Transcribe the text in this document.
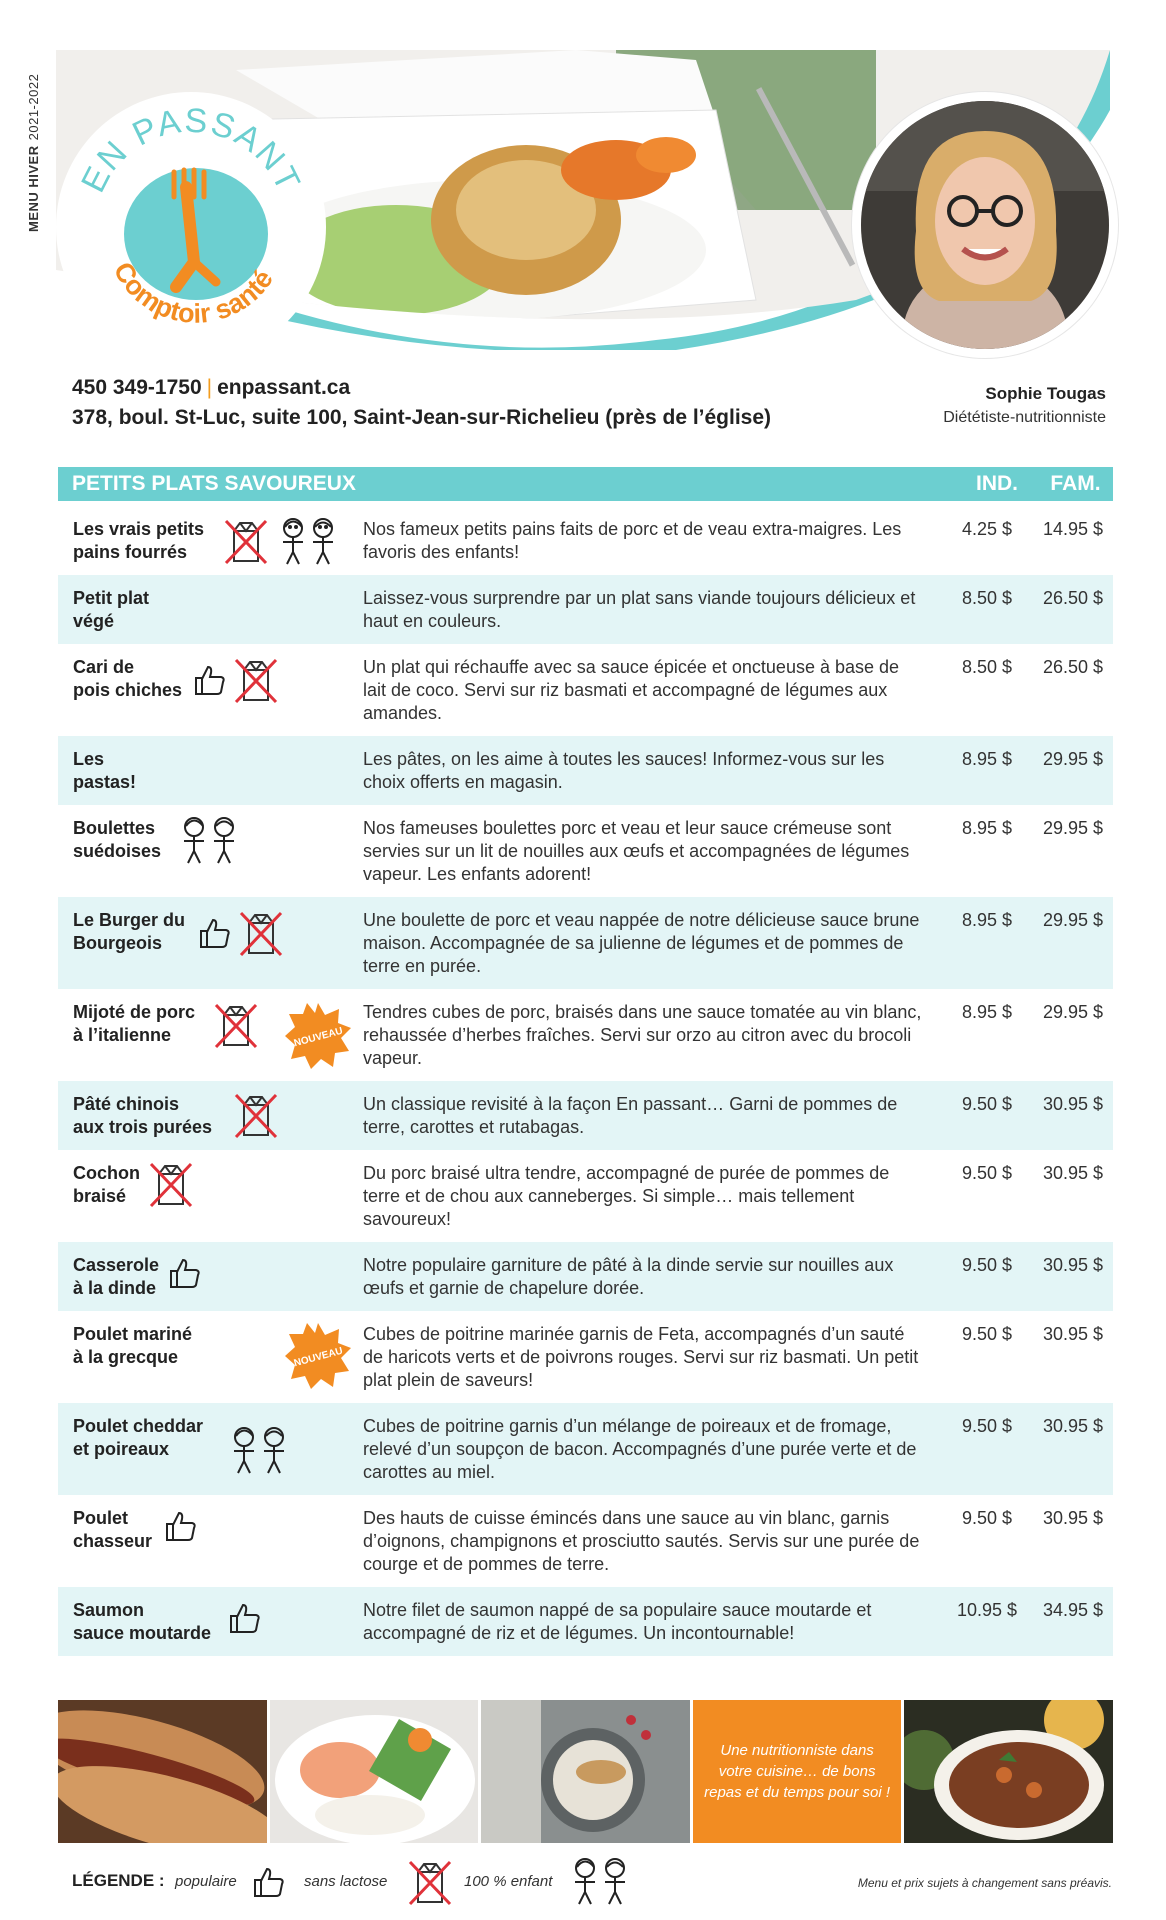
MENU HIVER2021-2022
EN PASSANT
Comptoir santé
450 349-1750 | enpassant.ca
378, boul. St-Luc, suite 100, Saint-Jean-sur-Richelieu (près de l’église)
Sophie Tougas
Diététiste-nutritionniste
PETITS PLATS SAVOUREUX	IND.	FAM.
Les vrais petits
pains fourrés
Nos fameux petits pains faits de porc et de veau extra-maigres. Les favoris des enfants!
4.25 $	14.95 $
Petit plat
végé
Laissez-vous surprendre par un plat sans viande toujours délicieux et haut en couleurs.
8.50 $	26.50 $
Cari de
pois chiches
Un plat qui réchauffe avec sa sauce épicée et onctueuse à base de lait de coco. Servi sur riz basmati et accompagné de légumes aux amandes.
8.50 $	26.50 $
Les
pastas!
Les pâtes, on les aime à toutes les sauces! Informez-vous sur les choix offerts en magasin.
8.95 $	29.95 $
Boulettes
suédoises
Nos fameuses boulettes porc et veau et leur sauce crémeuse sont servies sur un lit de nouilles aux œufs et accompagnées de légumes vapeur. Les enfants adorent!
8.95 $	29.95 $
Le Burger du
Bourgeois
Une boulette de porc et veau nappée de notre délicieuse sauce brune maison. Accompagnée de sa julienne de légumes et de pommes de terre en purée.
8.95 $	29.95 $
Mijoté de porc
à l’italienne	NOUVEAU
Tendres cubes de porc, braisés dans une sauce tomatée au vin blanc, rehaussée d’herbes fraîches. Servi sur orzo au citron avec du brocoli vapeur.
8.95 $	29.95 $
Pâté chinois
aux trois purées
Un classique revisité à la façon En passant… Garni de pommes de terre, carottes et rutabagas.
9.50 $	30.95 $
Cochon
braisé
Du porc braisé ultra tendre, accompagné de purée de pommes de terre et de chou aux canneberges. Si simple… mais tellement savoureux!
9.50 $	30.95 $
Casserole
à la dinde
Notre populaire garniture de pâté à la dinde servie sur nouilles aux œufs et garnie de chapelure dorée.
9.50 $	30.95 $
Poulet mariné
à la grecque	NOUVEAU
Cubes de poitrine marinée garnis de Feta, accompagnés d’un sauté de haricots verts et de poivrons rouges. Servi sur riz basmati. Un petit plat plein de saveurs!
9.50 $	30.95 $
Poulet cheddar
et poireaux
Cubes de poitrine garnis d’un mélange de poireaux et de fromage, relevé d’un soupçon de bacon. Accompagnés d’une purée verte et de carottes au miel.
9.50 $	30.95 $
Poulet
chasseur
Des hauts de cuisse émincés dans une sauce au vin blanc, garnis d’oignons, champignons et prosciutto sautés. Servis sur une purée de courge et de pommes de terre.
9.50 $	30.95 $
Saumon
sauce moutarde
Notre filet de saumon nappé de sa populaire sauce moutarde et accompagné de riz et de légumes. Un incontournable!
10.95 $	34.95 $
Une nutritionniste dans votre cuisine… de bons repas et du temps pour soi !
LÉGENDE : populaire	sans lactose	100 % enfant	Menu et prix sujets à changement sans préavis.
